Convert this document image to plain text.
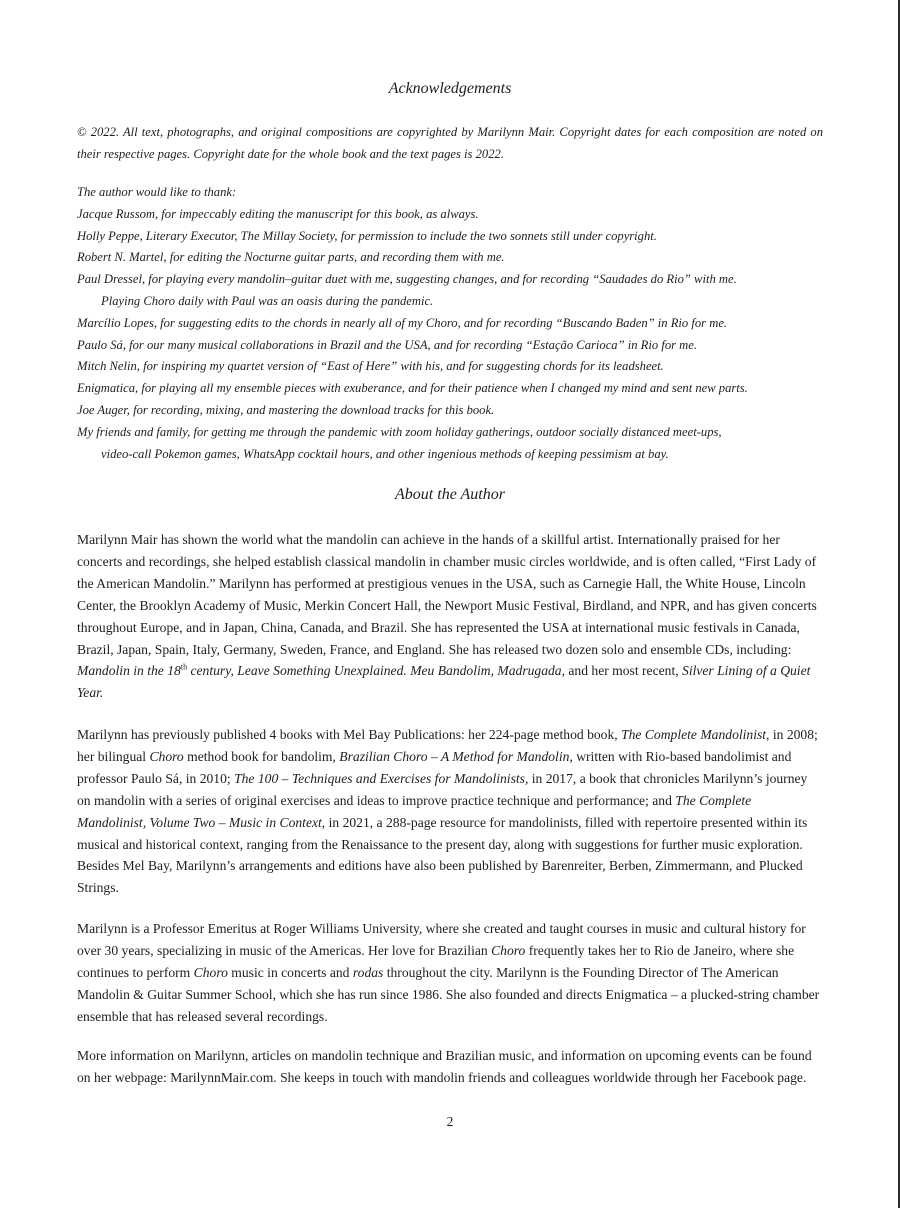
Acknowledgements
© 2022. All text, photographs, and original compositions are copyrighted by Marilynn Mair. Copyright dates for each composition are noted on their respective pages. Copyright date for the whole book and the text pages is 2022.
The author would like to thank:
Jacque Russom, for impeccably editing the manuscript for this book, as always.
Holly Peppe, Literary Executor, The Millay Society, for permission to include the two sonnets still under copyright.
Robert N. Martel, for editing the Nocturne guitar parts, and recording them with me.
Paul Dressel, for playing every mandolin–guitar duet with me, suggesting changes, and for recording “Saudades do Rio” with me.
Playing Choro daily with Paul was an oasis during the pandemic.
Marcílio Lopes, for suggesting edits to the chords in nearly all of my Choro, and for recording “Buscando Baden” in Rio for me.
Paulo Sá, for our many musical collaborations in Brazil and the USA, and for recording “Estação Carioca” in Rio for me.
Mitch Nelin, for inspiring my quartet version of “East of Here” with his, and for suggesting chords for its leadsheet.
Enigmatica, for playing all my ensemble pieces with exuberance, and for their patience when I changed my mind and sent new parts.
Joe Auger, for recording, mixing, and mastering the download tracks for this book.
My friends and family, for getting me through the pandemic with zoom holiday gatherings, outdoor socially distanced meet-ups,
video-call Pokemon games, WhatsApp cocktail hours, and other ingenious methods of keeping pessimism at bay.
About the Author

Marilynn Mair has shown the world what the mandolin can achieve in the hands of a skillful artist. Internationally praised for her concerts and recordings, she helped establish classical mandolin in chamber music circles worldwide, and is often called, “First Lady of the American Mandolin.” Marilynn has performed at prestigious venues in the USA, such as Carnegie Hall, the White House, Lincoln Center, the Brooklyn Academy of Music, Merkin Concert Hall, the Newport Music Festival, Birdland, and NPR, and has given concerts throughout Europe, and in Japan, China, Canada, and Brazil. She has represented the USA at international music festivals in Canada, Brazil, Japan, Spain, Italy, Germany, Sweden, France, and England. She has released two dozen solo and ensemble CDs, including: Mandolin in the 18th century, Leave Something Unexplained. Meu Bandolim, Madrugada, and her most recent, Silver Lining of a Quiet Year.

Marilynn has previously published 4 books with Mel Bay Publications: her 224-page method book, The Complete Mandolinist, in 2008; her bilingual Choro method book for bandolim, Brazilian Choro – A Method for Mandolin, written with Rio-based bandolimist and professor Paulo Sá, in 2010; The 100 – Techniques and Exercises for Mandolinists, in 2017, a book that chronicles Marilynn’s journey on mandolin with a series of original exercises and ideas to improve practice technique and performance; and The Complete Mandolinist, Volume Two – Music in Context, in 2021, a 288-page resource for mandolinists, filled with repertoire presented within its musical and historical context, ranging from the Renaissance to the present day, along with suggestions for further music exploration. Besides Mel Bay, Marilynn’s arrangements and editions have also been published by Barenreiter, Berben, Zimmermann, and Plucked Strings.

Marilynn is a Professor Emeritus at Roger Williams University, where she created and taught courses in music and cultural history for over 30 years, specializing in music of the Americas. Her love for Brazilian Choro frequently takes her to Rio de Janeiro, where she continues to perform Choro music in concerts and rodas throughout the city. Marilynn is the Founding Director of The American Mandolin & Guitar Summer School, which she has run since 1986. She also founded and directs Enigmatica – a plucked-string chamber ensemble that has released several recordings.

More information on Marilynn, articles on mandolin technique and Brazilian music, and information on upcoming events can be found on her webpage: MarilynnMair.com. She keeps in touch with mandolin friends and colleagues worldwide through her Facebook page.

2
